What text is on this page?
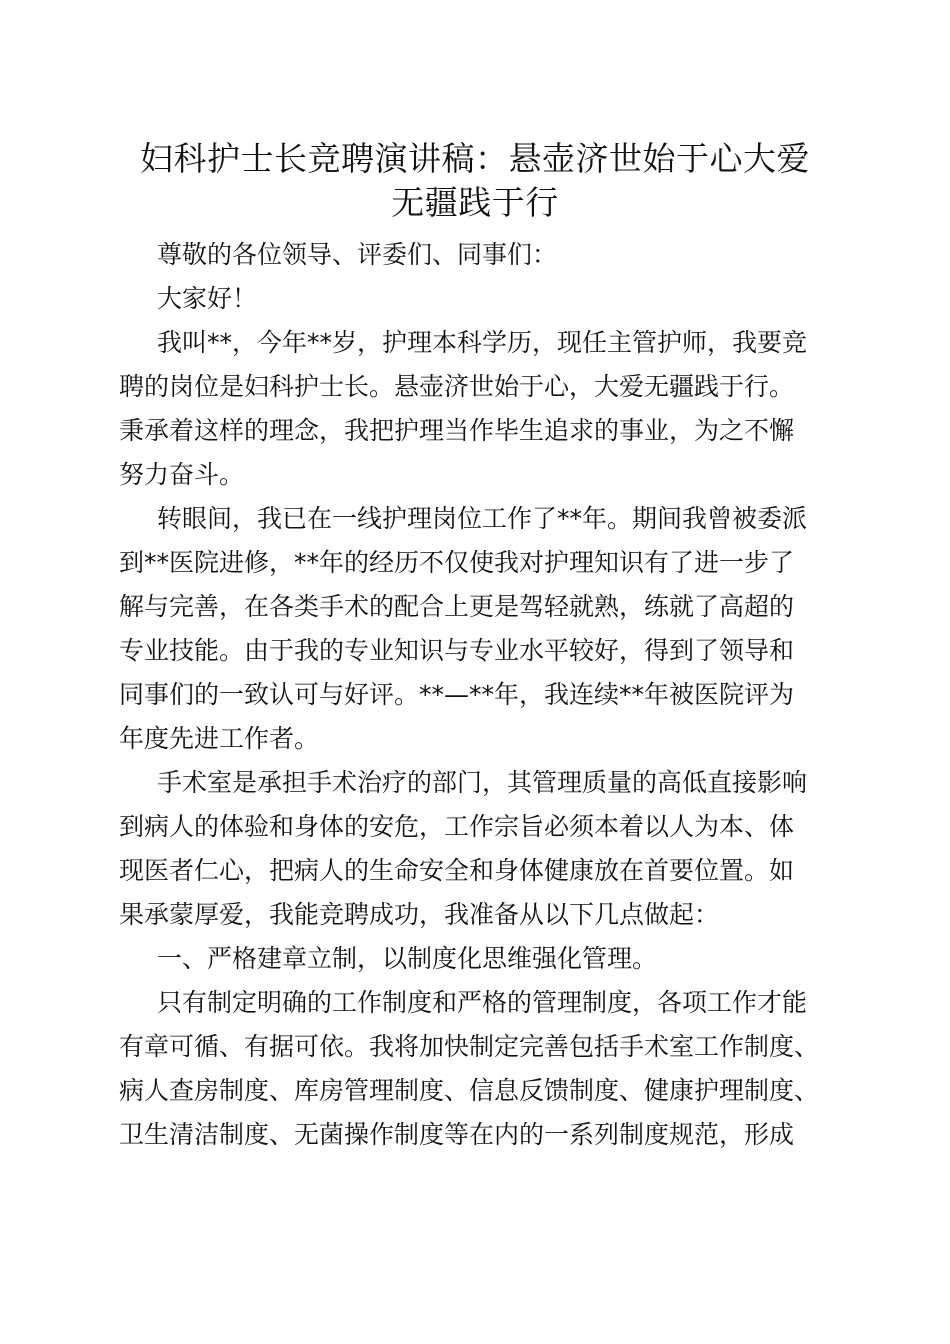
妇科护士长竞聘演讲稿：悬壶济世始于心大爱
无疆践于行

尊敬的各位领导、评委们、同事们：

大家好！

我叫**，今年**岁，护理本科学历，现任主管护师，我要竞

聘的岗位是妇科护士长。悬壶济世始于心，大爱无疆践于行。

秉承着这样的理念，我把护理当作毕生追求的事业，为之不懈

努力奋斗。

转眼间，我已在一线护理岗位工作了**年。期间我曾被委派

到**医院进修，**年的经历不仅使我对护理知识有了进一步了

解与完善，在各类手术的配合上更是驾轻就熟，练就了高超的

专业技能。由于我的专业知识与专业水平较好，得到了领导和

同事们的一致认可与好评。**—**年，我连续**年被医院评为

年度先进工作者。

手术室是承担手术治疗的部门，其管理质量的高低直接影响

到病人的体验和身体的安危，工作宗旨必须本着以人为本、体

现医者仁心，把病人的生命安全和身体健康放在首要位置。如

果承蒙厚爱，我能竞聘成功，我准备从以下几点做起：

一、严格建章立制，以制度化思维强化管理。

只有制定明确的工作制度和严格的管理制度，各项工作才能

有章可循、有据可依。我将加快制定完善包括手术室工作制度、

病人查房制度、库房管理制度、信息反馈制度、健康护理制度、

卫生清洁制度、无菌操作制度等在内的一系列制度规范，形成
